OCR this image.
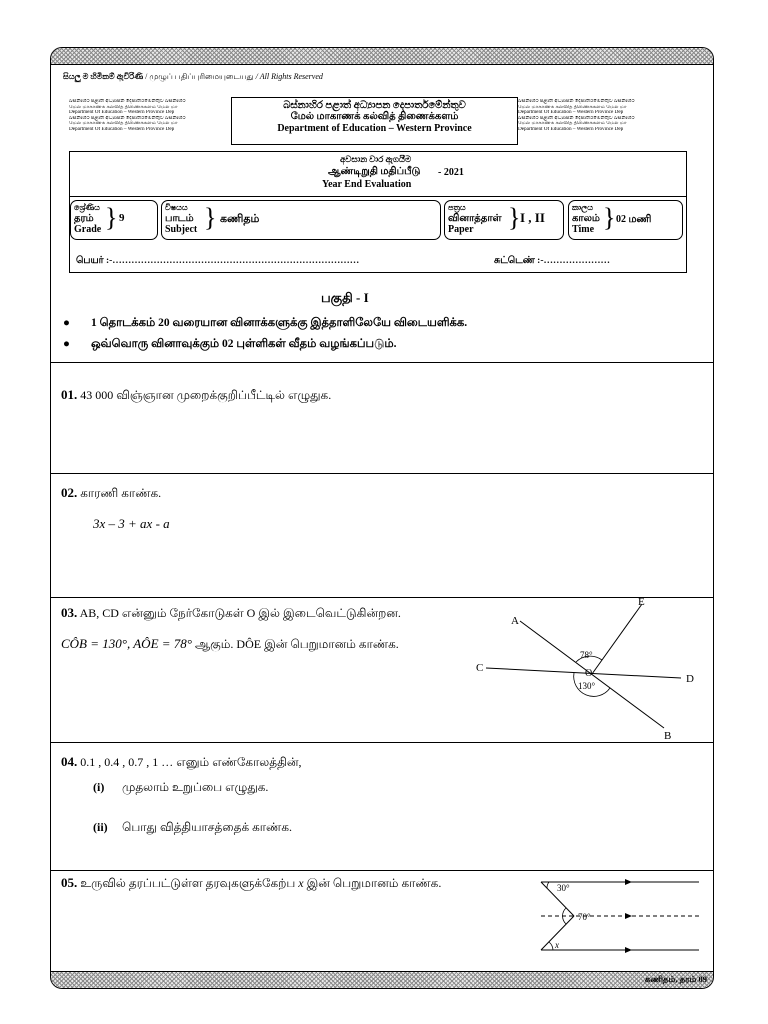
සියලු ම හිමිකම් ඇවිරිණි / முழுப் பதிப்புரிமையுடையது / All Rights Reserved
බස්නාහිර පළාත් අධ්‍යාපන දෙපාර්තමේන්තුව බස්නාහිර
மேல் மாகாணக் கல்வித் திணைக்களம் மேல் மா
Department Of Education – Western Province Dep
බස්නාහිර පළාත් අධ්‍යාපන දෙපාර්තමේන්තුව බස්නාහිර
மேல் மாகாணக் கல்வித் திணைக்களம் மேல் மா
Department Of Education – Western Province Dep
බස්නාහිර පළාත් අධ්‍යාපන දෙපාර්තමේන්තුව බස්නාහිර
மேல் மாகாணக் கல்வித் திணைக்களம் மேல் மா
Department Of Education – Western Province Dep
බස්නාහිර පළාත් අධ්‍යාපන දෙපාර්තමේන්තුව බස්නාහිර
மேல் மாகாணக் கல்வித் திணைக்களம் மேல் மா
Department Of Education – Western Province Dep
බස්නාහිර පළාත් අධ්‍යාපන දෙපාර්තමේන්තුව
மேல் மாகாணக் கல்வித் திணைக்களம்
Department of Education – Western Province
අවසාන වාර ඇගයීම
ஆண்டிறுதி மதிப்பீடு - 2021
Year End Evaluation
ශ්‍රේණිය
தரம்
Grade } 9
විෂයය
பாடம்
Subject } கணிதம்
පත්‍රය
வினாத்தாள்
Paper	} I , II
කාලය
காலம்
Time } 02 மணி
பெயர் :-……………………………………………………………………	சுட்டெண் :-…………………
பகுதி - I
● 1 தொடக்கம் 20 வரையான வினாக்களுக்கு இத்தாளிலேயே விடையளிக்க.
● ஒவ்வொரு வினாவுக்கும் 02 புள்ளிகள் வீதம் வழங்கப்படும்.
01. 43 000 விஞ்ஞான முறைக்குறிப்பீட்டில் எழுதுக.
02. காரணி காண்க.
3x – 3 + ax - a
03. AB, CD என்னும் நேர்கோடுகள் O இல் இடைவெட்டுகின்றன.
CÔB = 130°, AÔE = 78° ஆகும். DÔE இன் பெறுமானம் காண்க.
A
B
C
D
E
O
78°
130°
04. 0.1 , 0.4 , 0.7 , 1 … எனும் எண்கோலத்தின்,
(i) முதலாம் உறுப்பை எழுதுக.
(ii) பொது வித்தியாசத்தைக் காண்க.
05. உருவில் தரப்பட்டுள்ள தரவுகளுக்கேற்ப x இன் பெறுமானம் காண்க.	30°
70°
x
கணிதம், தரம் 09
